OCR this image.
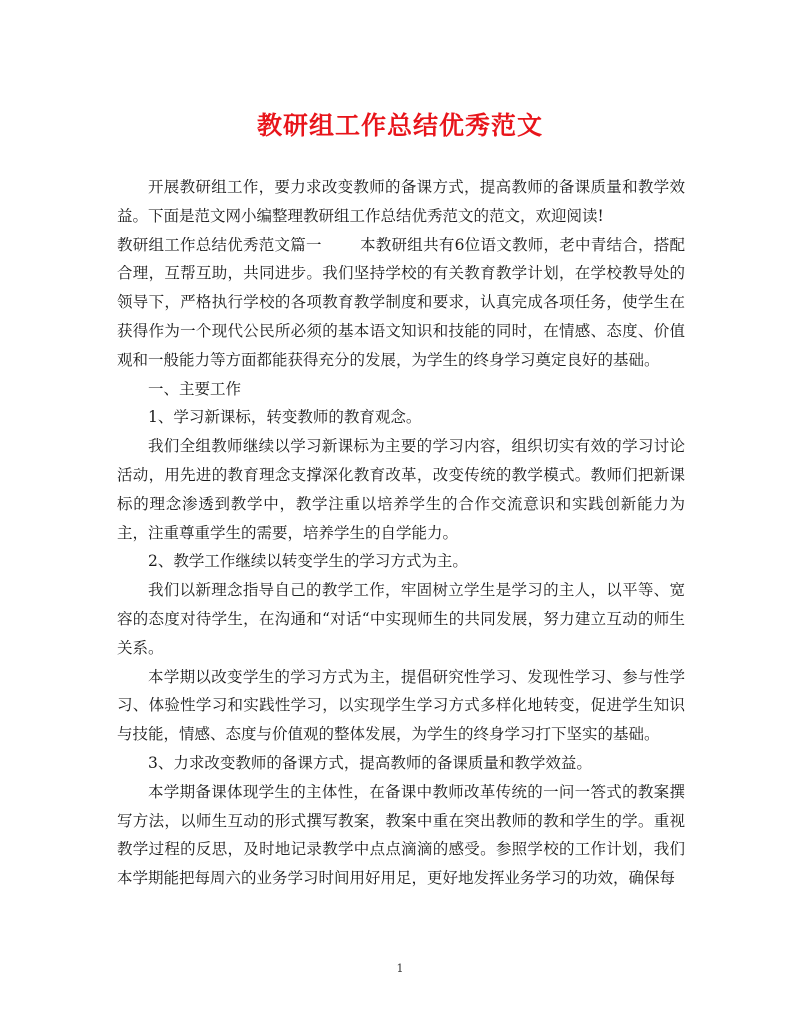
教研组工作总结优秀范文

开展教研组工作，要力求改变教师的备课方式，提高教师的备课质量和教学效益。下面是范文网小编整理教研组工作总结优秀范文的范文，欢迎阅读!

教研组工作总结优秀范文篇一 本教研组共有6位语文教师，老中青结合，搭配合理，互帮互助，共同进步。我们坚持学校的有关教育教学计划，在学校教导处的领导下，严格执行学校的各项教育教学制度和要求，认真完成各项任务，使学生在获得作为一个现代公民所必须的基本语文知识和技能的同时，在情感、态度、价值观和一般能力等方面都能获得充分的发展，为学生的终身学习奠定良好的基础。

一、主要工作

1、学习新课标，转变教师的教育观念。

我们全组教师继续以学习新课标为主要的学习内容，组织切实有效的学习讨论活动，用先进的教育理念支撑深化教育改革，改变传统的教学模式。教师们把新课标的理念渗透到教学中，教学注重以培养学生的合作交流意识和实践创新能力为主，注重尊重学生的需要，培养学生的自学能力。

2、教学工作继续以转变学生的学习方式为主。

我们以新理念指导自己的教学工作，牢固树立学生是学习的主人，以平等、宽容的态度对待学生，在沟通和“对话“中实现师生的共同发展，努力建立互动的师生关系。

本学期以改变学生的学习方式为主，提倡研究性学习、发现性学习、参与性学习、体验性学习和实践性学习，以实现学生学习方式多样化地转变，促进学生知识与技能，情感、态度与价值观的整体发展，为学生的终身学习打下坚实的基础。

3、力求改变教师的备课方式，提高教师的备课质量和教学效益。

本学期备课体现学生的主体性，在备课中教师改革传统的一问一答式的教案撰写方法，以师生互动的形式撰写教案，教案中重在突出教师的教和学生的学。重视教学过程的反思，及时地记录教学中点点滴滴的感受。参照学校的工作计划，我们本学期能把每周六的业务学习时间用好用足，更好地发挥业务学习的功效，确保每

1
